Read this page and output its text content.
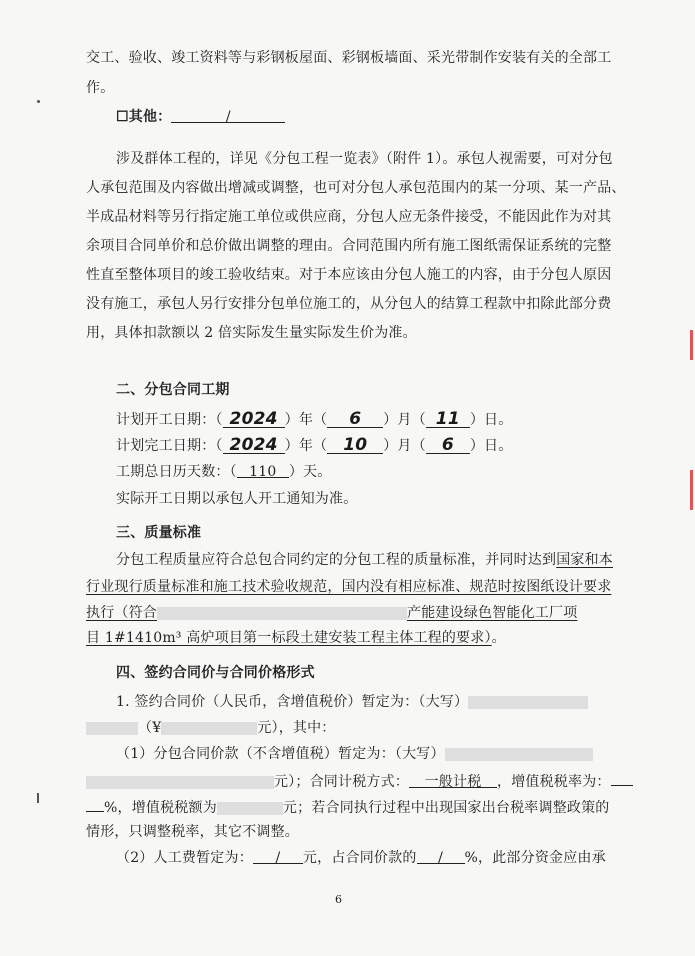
交工、验收、竣工资料等与彩钢板屋面、彩钢板墙面、采光带制作安装有关的全部工
作。
☐其他：	/
涉及群体工程的，详见《分包工程一览表》（附件 1）。承包人视需要，可对分包
人承包范围及内容做出增减或调整，也可对分包人承包范围内的某一分项、某一产品、
半成品材料等另行指定施工单位或供应商，分包人应无条件接受，不能因此作为对其
余项目合同单价和总价做出调整的理由。合同范围内所有施工图纸需保证系统的完整
性直至整体项目的竣工验收结束。对于本应该由分包人施工的内容，由于分包人原因
没有施工，承包人另行安排分包单位施工的，从分包人的结算工程款中扣除此部分费
用，具体扣款额以 2 倍实际发生量实际发生价为准。
二、分包合同工期
计划开工日期：（ 2024 ）年（ 6 ）月（ 11 ）日。
计划完工日期：（ 2024 ）年（ 10 ）月（ 6 ）日。
工期总日历天数：（ 110 ）天。
实际开工日期以承包人开工通知为准。
三、质量标准
分包工程质量应符合总包合同约定的分包工程的质量标准，并同时达到国家和本
行业现行质量标准和施工技术验收规范，国内没有相应标准、规范时按图纸设计要求
执行（符合	产能建设绿色智能化工厂项
目 1#1410m³ 高炉项目第一标段土建安装工程主体工程的要求）。
四、签约合同价与合同价格形式
1. 签约合同价（人民币，含增值税价）暂定为：（大写）
（¥	元），其中：
（1）分包合同价款（不含增值税）暂定为：（大写）
元）；合同计税方式： 一般计税 ，增值税税率为：
%，增值税税额为	元；若合同执行过程中出现国家出台税率调整政策的
情形，只调整税率，其它不调整。
（2）人工费暂定为： / 元，占合同价款的 / %，此部分资金应由承
6
